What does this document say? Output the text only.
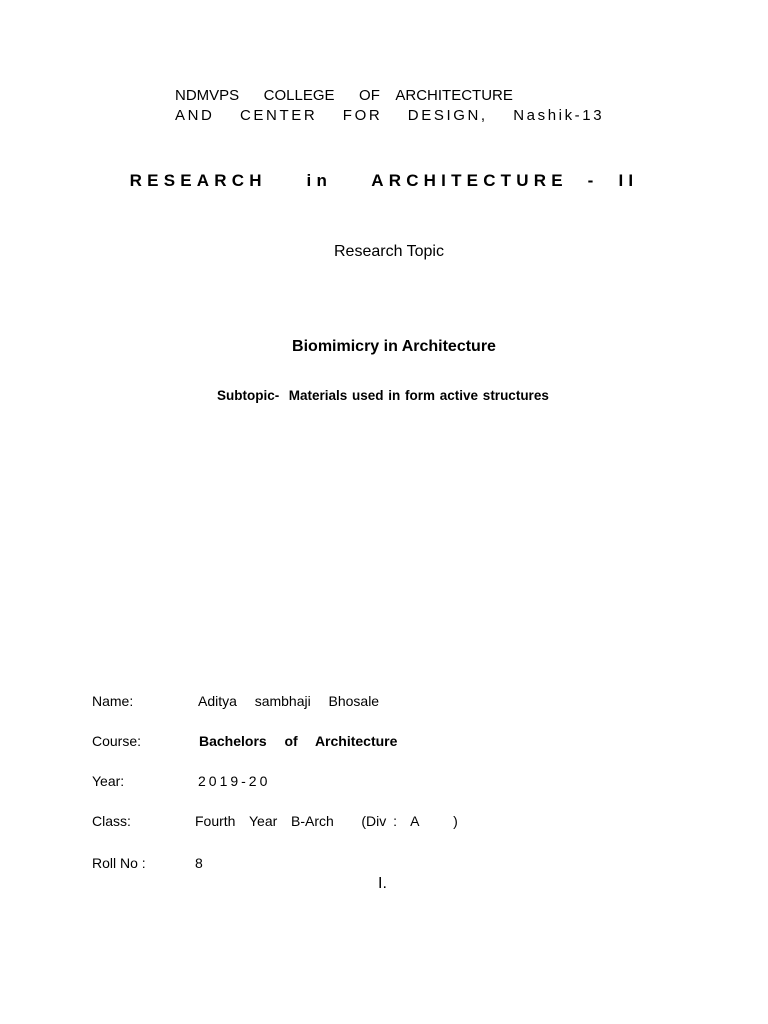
NDMVPS   COLLEGE   OF  ARCHITECTURE
AND  CENTER  FOR  DESIGN,  Nashik-13
RESEARCH  in  ARCHITECTURE - II
Research Topic
Biomimicry in Architecture
Subtopic-  Materials used in form active structures
Name:	Aditya  sambhaji  Bhosale
Course:	Bachelors  of  Architecture
Year:	2019-20
Class:	Fourth  Year  B-Arch    (Div :  A     )
Roll No :	8
I.
